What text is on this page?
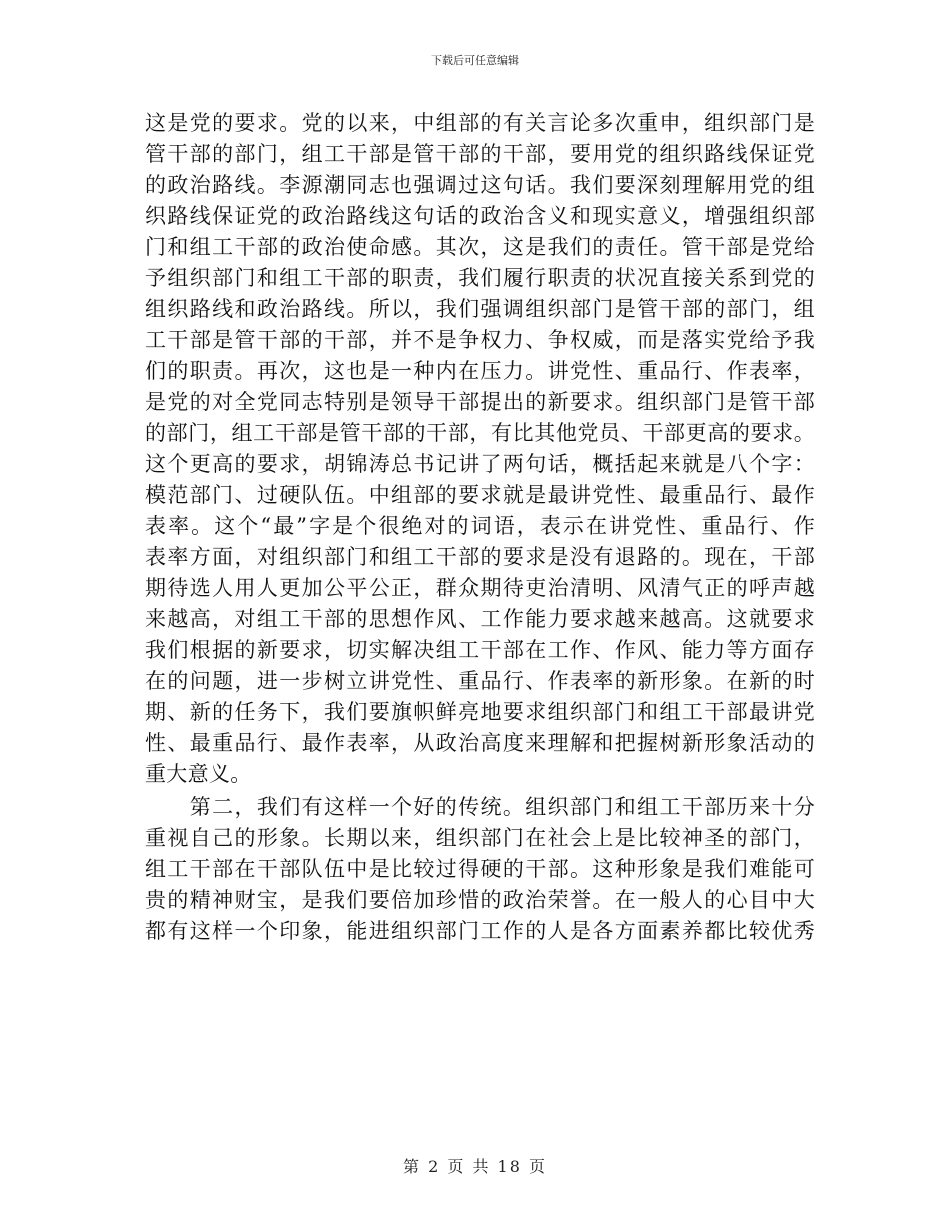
下载后可任意编辑
这是党的要求。党的以来，中组部的有关言论多次重申，组织部门是
管干部的部门，组工干部是管干部的干部，要用党的组织路线保证党
的政治路线。李源潮同志也强调过这句话。我们要深刻理解用党的组
织路线保证党的政治路线这句话的政治含义和现实意义，增强组织部
门和组工干部的政治使命感。其次，这是我们的责任。管干部是党给
予组织部门和组工干部的职责，我们履行职责的状况直接关系到党的
组织路线和政治路线。所以，我们强调组织部门是管干部的部门，组
工干部是管干部的干部，并不是争权力、争权威，而是落实党给予我
们的职责。再次，这也是一种内在压力。讲党性、重品行、作表率，
是党的对全党同志特别是领导干部提出的新要求。组织部门是管干部
的部门，组工干部是管干部的干部，有比其他党员、干部更高的要求。
这个更高的要求，胡锦涛总书记讲了两句话，概括起来就是八个字：
模范部门、过硬队伍。中组部的要求就是最讲党性、最重品行、最作
表率。这个“最”字是个很绝对的词语，表示在讲党性、重品行、作
表率方面，对组织部门和组工干部的要求是没有退路的。现在，干部
期待选人用人更加公平公正，群众期待吏治清明、风清气正的呼声越
来越高，对组工干部的思想作风、工作能力要求越来越高。这就要求
我们根据的新要求，切实解决组工干部在工作、作风、能力等方面存
在的问题，进一步树立讲党性、重品行、作表率的新形象。在新的时
期、新的任务下，我们要旗帜鲜亮地要求组织部门和组工干部最讲党
性、最重品行、最作表率，从政治高度来理解和把握树新形象活动的
重大意义。
　　第二，我们有这样一个好的传统。组织部门和组工干部历来十分
重视自己的形象。长期以来，组织部门在社会上是比较神圣的部门，
组工干部在干部队伍中是比较过得硬的干部。这种形象是我们难能可
贵的精神财宝，是我们要倍加珍惜的政治荣誉。在一般人的心目中大
都有这样一个印象，能进组织部门工作的人是各方面素养都比较优秀
第 2 页 共 18 页
